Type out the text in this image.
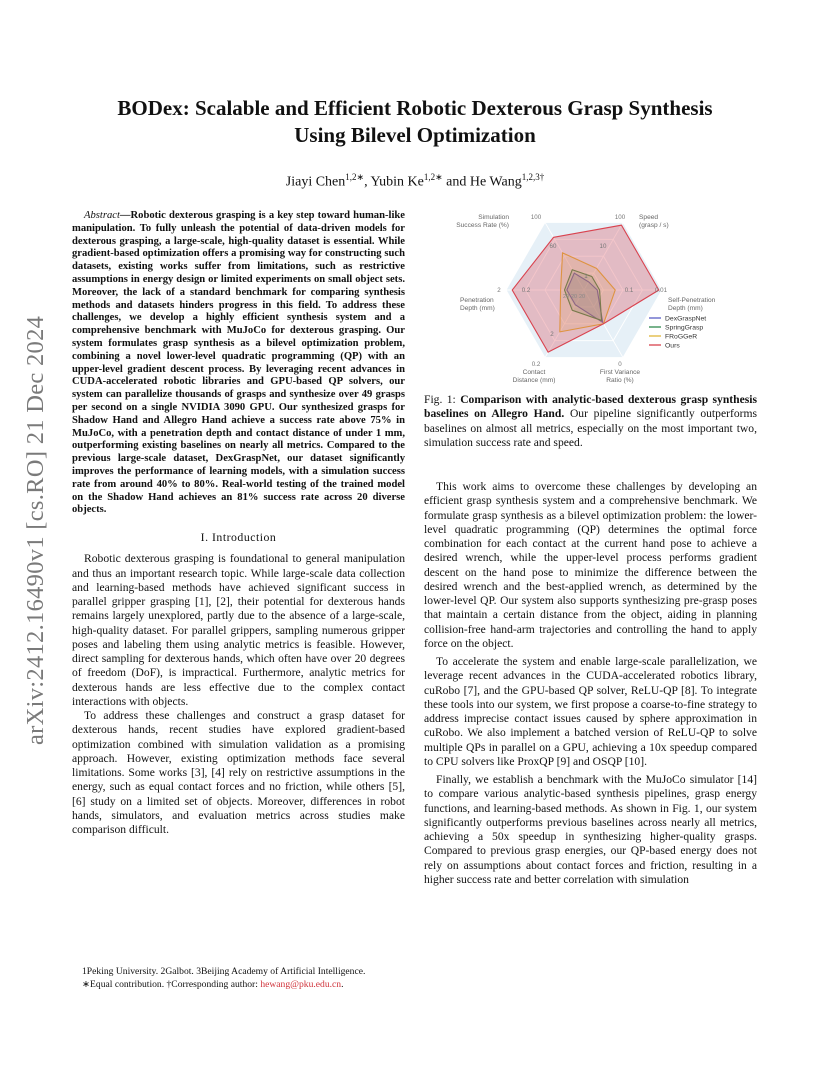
arXiv:2412.16490v1 [cs.RO] 21 Dec 2024
BODex: Scalable and Efficient Robotic Dexterous Grasp Synthesis
Using Bilevel Optimization
Jiayi Chen$^{1,2∗}$, Yubin $Ke^{1,2∗}$ and He Wang$^{1,2,3\dagger}$

Abstract—Robotic dexterous grasping is a key step toward human-like manipulation. To fully unleash the potential of data-driven models for dexterous grasping, a large-scale, high-quality dataset is essential. While gradient-based optimization offers a promising way for constructing such datasets, existing works suffer from limitations, such as restrictive assumptions in energy design or limited experiments on small object sets. Moreover, the lack of a standard benchmark for comparing synthesis methods and datasets hinders progress in this field. To address these challenges, we develop a highly efficient synthesis system and a comprehensive benchmark with MuJoCo for dexterous grasping. Our system formulates grasp synthesis as a bilevel optimization problem, combining a novel lower-level quadratic programming (QP) with an upper-level gradient descent process. By leveraging recent advances in CUDA-accelerated robotic libraries and GPU-based QP solvers, our system can parallelize thousands of grasps and synthesize over 49 grasps per second on a single NVIDIA 3090 GPU. Our synthesized grasps for Shadow Hand and Allegro Hand achieve a success rate above 75% in MuJoCo, with a penetration depth and contact distance of under 1 mm, outperforming existing baselines on nearly all metrics. Compared to the previous large-scale dataset, DexGraspNet, our dataset significantly improves the performance of learning models, with a simulation success rate from around 40% to 80%. Real-world testing of the trained model on the Shadow Hand achieves an 81% success rate across 20 diverse objects.

I. Introduction

Robotic dexterous grasping is foundational to general manipulation and thus an important research topic. While large-scale data collection and learning-based methods have achieved significant success in parallel gripper grasping [1], [2], their potential for dexterous hands remains largely unexplored, partly due to the absence of a large-scale, high-quality dataset. For parallel grippers, sampling numerous gripper poses and labeling them using analytic metrics is feasible. However, direct sampling for dexterous hands, which often have over 20 degrees of freedom (DoF), is impractical. Furthermore, analytic metrics for dexterous hands are less effective due to the complex contact interactions with objects.

To address these challenges and construct a grasp dataset for dexterous hands, recent studies have explored gradient-based optimization combined with simulation validation as a promising approach. However, existing optimization methods face several limitations. Some works [3], [4] rely on restrictive assumptions in the energy, such as equal contact forces and no friction, while others [5], [6] study on a limited set of objects. Moreover, differences in robot hands, simulators, and evaluation metrics across studies make comparison difficult.

1Peking University. 2Galbot. 3Beijing Academy of Artificial Intelligence.

∗Equal contribution. †Corresponding author: hewang@pku.edu.cn.

Simulation
Success Rate (%)
Speed
(grasp / s)
Self-Penetration
Depth (mm)
First Variance
Ratio (%)
Contact
Distance (mm)
Penetration
Depth (mm)
100
60
100
10
1
0.1	0.01
0
0.2
2
0.2
2
20 20 20
DexGraspNet
SpringGrasp
FRoGGeR
Ours

Fig. 1: Comparison with analytic-based dexterous grasp synthesis baselines on Allegro Hand. Our pipeline significantly outperforms baselines on almost all metrics, especially on the most important two, simulation success rate and speed.

This work aims to overcome these challenges by developing an efficient grasp synthesis system and a comprehensive benchmark. We formulate grasp synthesis as a bilevel optimization problem: the lower-level quadratic programming (QP) determines the optimal force combination for each contact at the current hand pose to achieve a desired wrench, while the upper-level process performs gradient descent on the hand pose to minimize the difference between the desired wrench and the best-applied wrench, as determined by the lower-level QP. Our system also supports synthesizing pre-grasp poses that maintain a certain distance from the object, aiding in planning collision-free hand-arm trajectories and controlling the hand to apply force on the object.

To accelerate the system and enable large-scale parallelization, we leverage recent advances in the CUDA-accelerated robotics library, cuRobo [7], and the GPU-based QP solver, ReLU-QP [8]. To integrate these tools into our system, we first propose a coarse-to-fine strategy to address imprecise contact issues caused by sphere approximation in cuRobo. We also implement a batched version of ReLU-QP to solve multiple QPs in parallel on a GPU, achieving a 10x speedup compared to CPU solvers like ProxQP [9] and OSQP [10].

Finally, we establish a benchmark with the MuJoCo simulator [14] to compare various analytic-based synthesis pipelines, grasp energy functions, and learning-based methods. As shown in Fig. 1, our system significantly outperforms previous baselines across nearly all metrics, achieving a 50x speedup in synthesizing higher-quality grasps. Compared to previous grasp energies, our QP-based energy does not rely on assumptions about contact forces and friction, resulting in a higher success rate and better correlation with simulation
